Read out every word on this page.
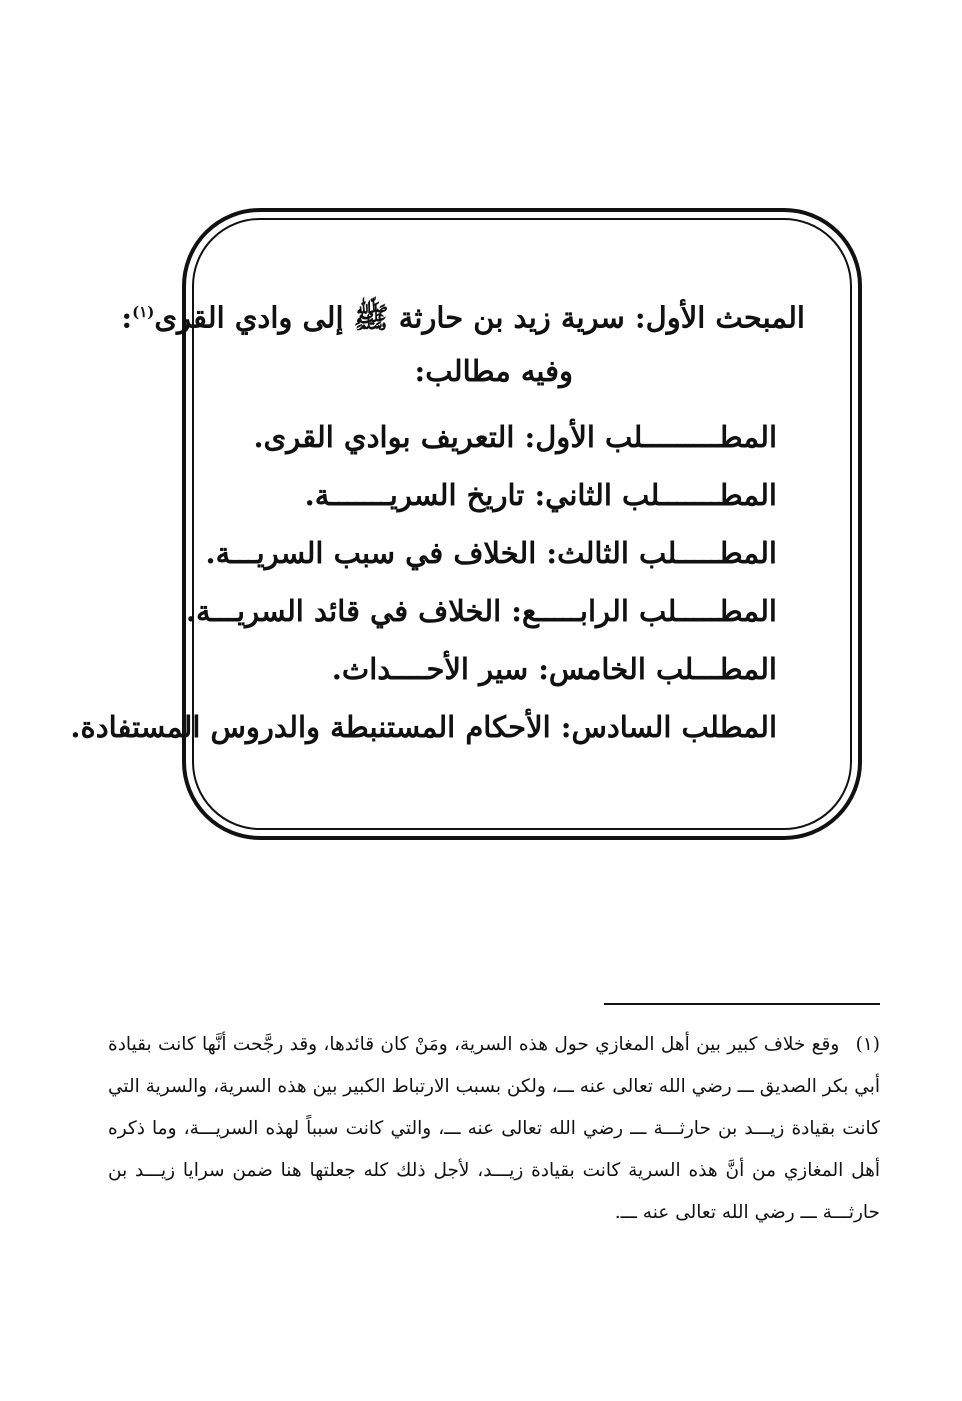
المبحث الأول: سرية زيد بن حارثة ﷺ إلى وادي القرى$^{(١)}$:

وفيه مطالب:

المطـــــــــلب الأول: التعريف بوادي القرى.
المطـــــــلب الثاني: تاريخ السريـــــــة.
المطـــــلب الثالث: الخلاف في سبب السريـــة.
المطـــــلب الرابـــــع: الخلاف في قائد السريـــة.
المطـــلب الخامس: سير الأحــــداث.
المطلب السادس: الأحكام المستنبطة والدروس المستفادة.
(١) وقع خلاف كبير بين أهل المغازي حول هذه السرية، ومَنْ كان قائدها، وقد رجَّحت أنَّها كانت بقيادة أبي بكر الصديق ـــ رضي الله تعالى عنه ـــ، ولكن بسبب الارتباط الكبير بين هذه السرية، والسرية التي كانت بقيادة زيـــد بن حارثـــة ـــ رضي الله تعالى عنه ـــ، والتي كانت سبباً لهذه السريـــة، وما ذكره أهل المغازي من أنَّ هذه السرية كانت بقيادة زيـــد، لأجل ذلك كله جعلتها هنا ضمن سرايا زيـــد بن حارثـــة ـــ رضي الله تعالى عنه ـــ.
